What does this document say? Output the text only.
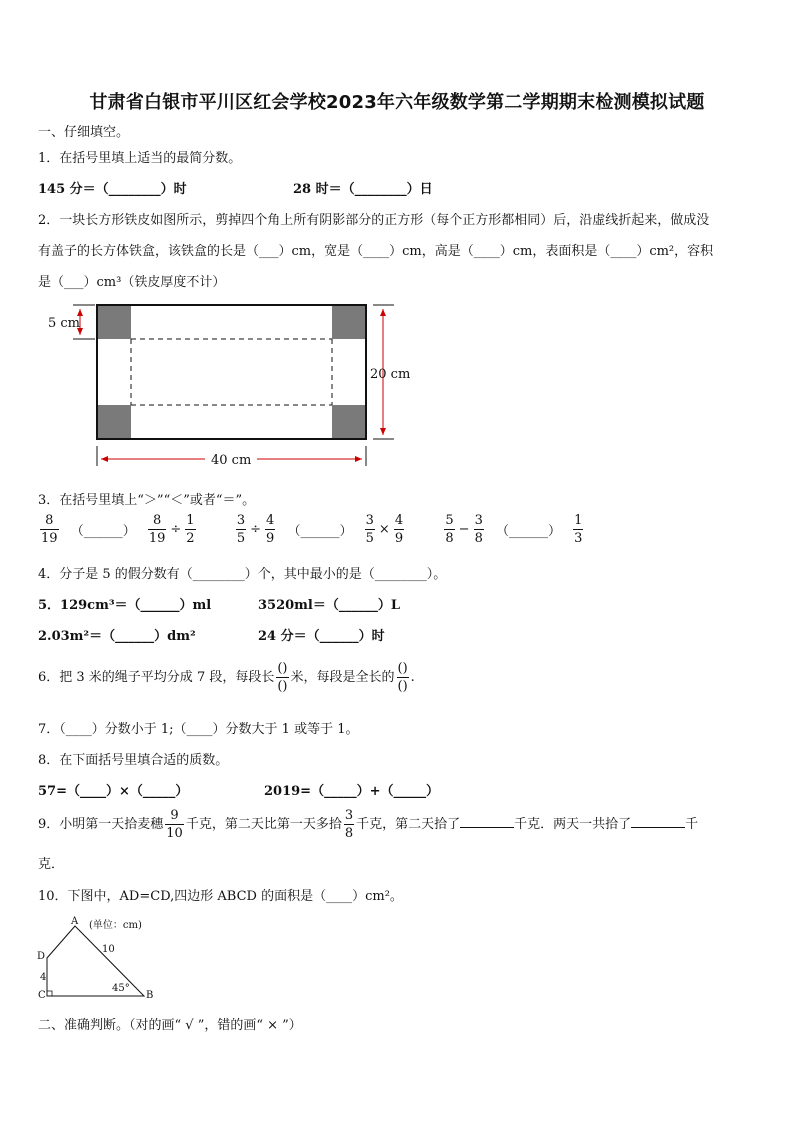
甘肃省白银市平川区红会学校2023年六年级数学第二学期期末检测模拟试题
一、仔细填空。
1．在括号里填上适当的最简分数。
145 分＝（________）时	28 时＝（________）日
2．一块长方形铁皮如图所示，剪掉四个角上所有阴影部分的正方形（每个正方形都相同）后，沿虚线折起来，做成没
有盖子的长方体铁盒，该铁盒的长是（___）cm，宽是（____）cm，高是（____）cm，表面积是（____）cm²，容积
是（___）cm³（铁皮厚度不计）
5 cm
20 cm
40 cm
3．在括号里填上“＞”“＜”或者“＝”。
$\frac{8}{19}$ （______） $\frac{8}{19} \div \frac{1}{2}$
	$\frac{3}{5} \div \frac{4}{9}$ （______） $\frac{3}{5} \times \frac{4}{9}$
	$\frac{5}{8} - \frac{3}{8}$ （______） $\frac{1}{3}$
4．分子是 5 的假分数有（________）个，其中最小的是（________）。
5．129cm³＝（______）ml	3520ml＝（______）L
2.03m²＝（______）dm²	24 分＝（______）时
6．把 3 米的绳子平均分成 7 段，每段长 $\frac{()}{()}$ 米，每段是全长的 $\frac{()}{()}$ .
7．（____）分数小于 1;（____）分数大于 1 或等于 1。
8．在下面括号里填合适的质数。
57=（____）×（_____）	2019=（_____）+（_____）
9．小明第一天拾麦穗 $\frac{9}{10}$ 千克，第二天比第一天多拾 $\frac{3}{8}$ 千克，第二天拾了	千克．两天一共拾了	千
克．
10．下图中，AD=CD,四边形 ABCD 的面积是（____）cm²。
A
B
C
D
10
4
45°
(单位：cm)
二、准确判断。（对的画“ √ ”，错的画“ × ”）
